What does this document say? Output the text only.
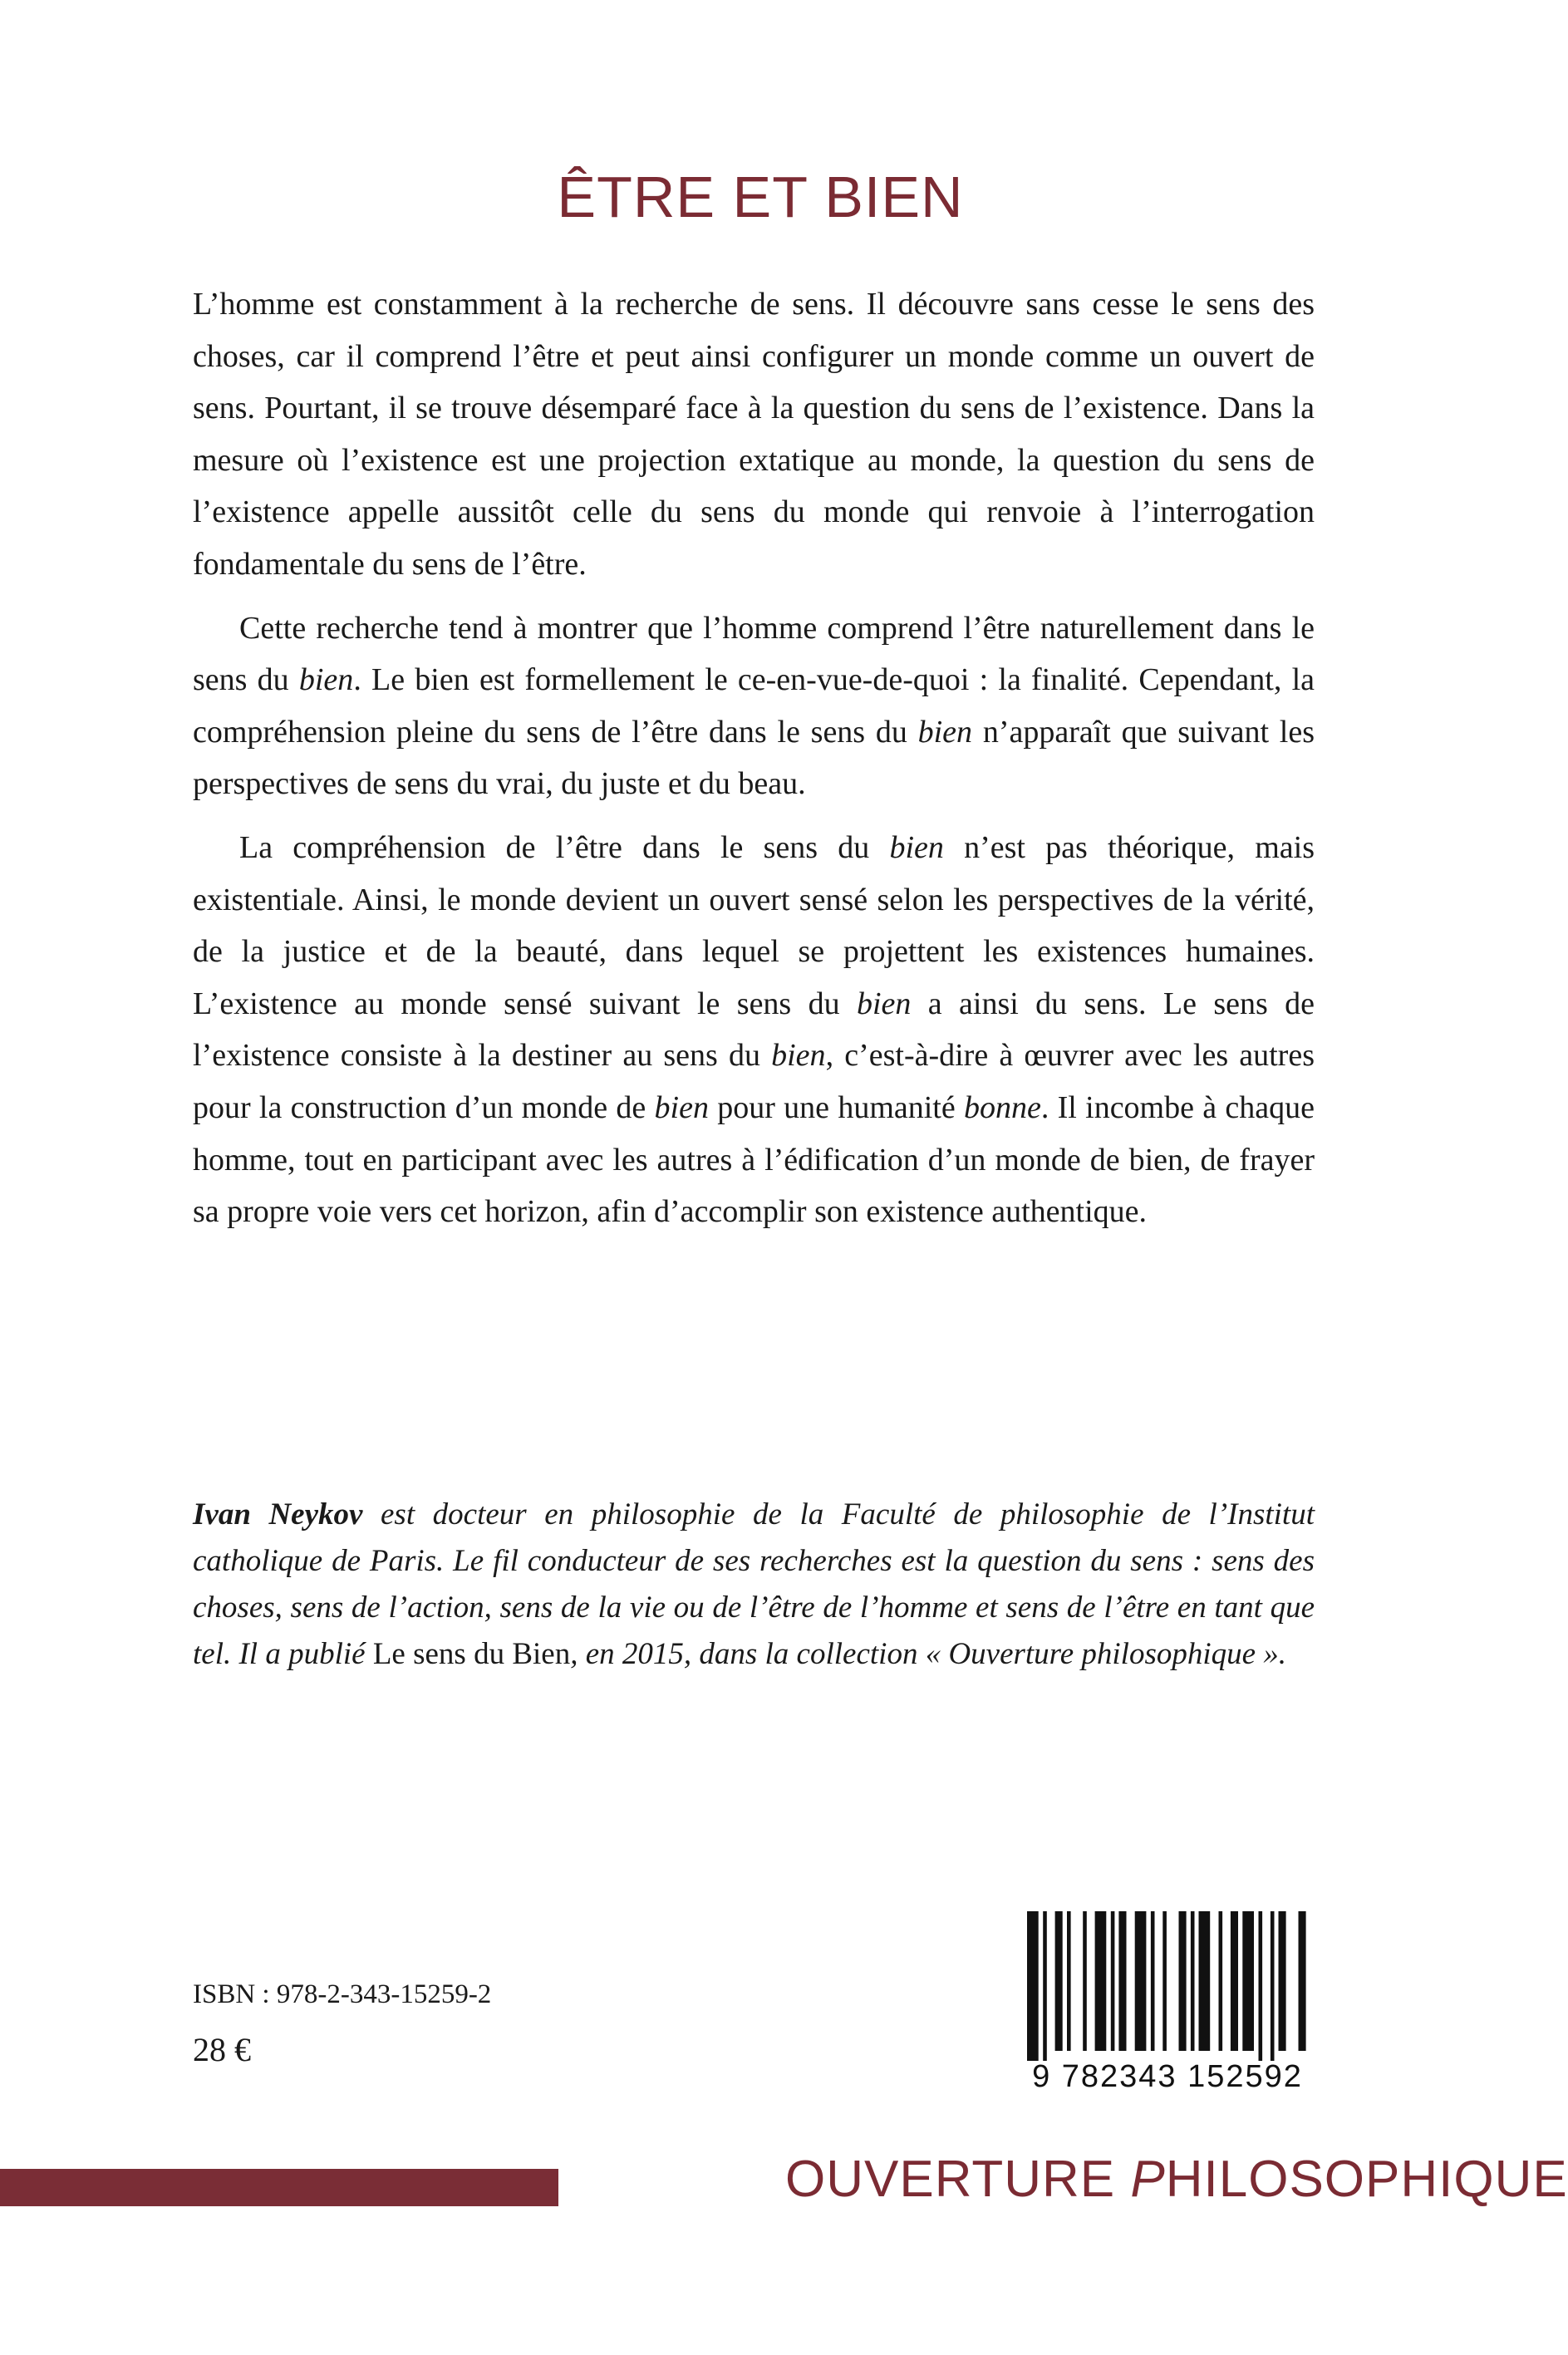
ÊTRE ET BIEN

L’homme est constamment à la recherche de sens. Il découvre sans cesse le sens des choses, car il comprend l’être et peut ainsi configurer un monde comme un ouvert de sens. Pourtant, il se trouve désemparé face à la question du sens de l’existence. Dans la mesure où l’existence est une projection extatique au monde, la question du sens de l’existence appelle aussitôt celle du sens du monde qui renvoie à l’interrogation fondamentale du sens de l’être.

Cette recherche tend à montrer que l’homme comprend l’être naturellement dans le sens du bien. Le bien est formellement le ce-en-vue-de-quoi : la finalité. Cependant, la compréhension pleine du sens de l’être dans le sens du bien n’apparaît que suivant les perspectives de sens du vrai, du juste et du beau.

La compréhension de l’être dans le sens du bien n’est pas théorique, mais existentiale. Ainsi, le monde devient un ouvert sensé selon les perspectives de la vérité, de la justice et de la beauté, dans lequel se projettent les existences humaines. L’existence au monde sensé suivant le sens du bien a ainsi du sens. Le sens de l’existence consiste à la destiner au sens du bien, c’est-à-dire à œuvrer avec les autres pour la construction d’un monde de bien pour une humanité bonne. Il incombe à chaque homme, tout en participant avec les autres à l’édification d’un monde de bien, de frayer sa propre voie vers cet horizon, afin d’accomplir son existence authentique.

Ivan Neykov est docteur en philosophie de la Faculté de philosophie de l’Institut catholique de Paris. Le fil conducteur de ses recherches est la question du sens : sens des choses, sens de l’action, sens de la vie ou de l’être de l’homme et sens de l’être en tant que tel. Il a publié Le sens du Bien, en 2015, dans la collection « Ouverture philosophique ».
ISBN : 978-2-343-15259-2
28 €
9 782343 152592
OUVERTURE PHILOSOPHIQUE
